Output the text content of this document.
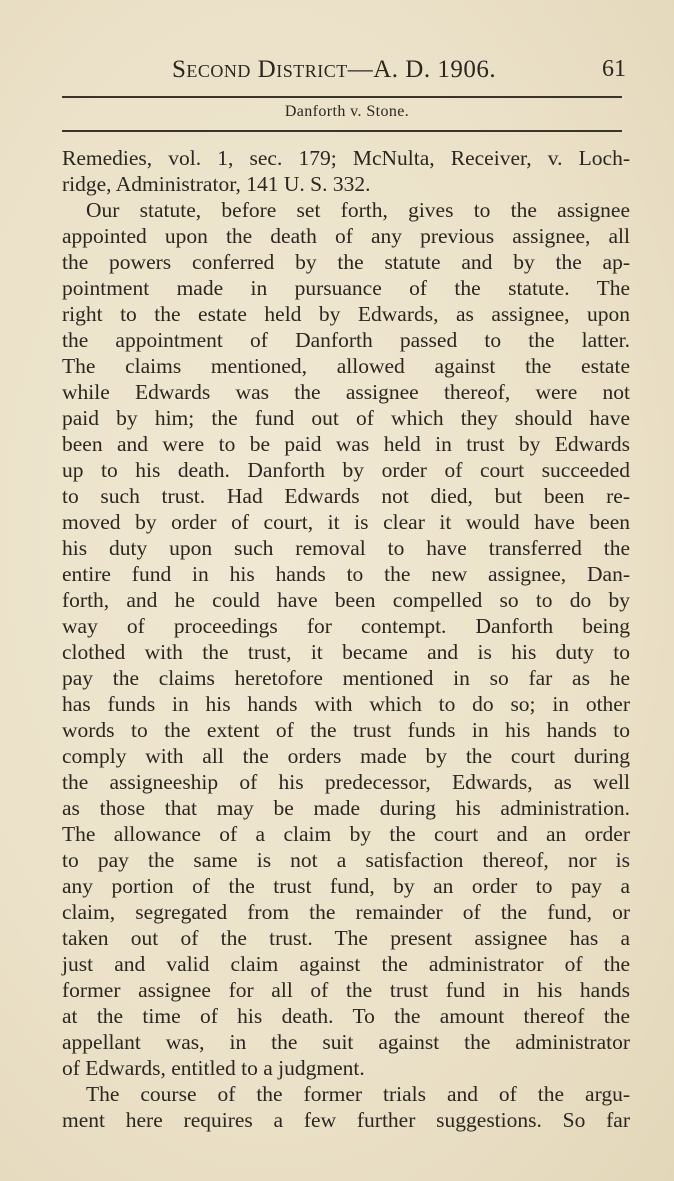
Second District—A. D. 1906.	61
Danforth v. Stone.
Remedies, vol. 1, sec. 179; McNulta, Receiver, v. Loch-
ridge, Administrator, 141 U. S. 332.
Our statute, before set forth, gives to the assignee
appointed upon the death of any previous assignee, all
the powers conferred by the statute and by the ap-
pointment made in pursuance of the statute. The
right to the estate held by Edwards, as assignee, upon
the appointment of Danforth passed to the latter.
The claims mentioned, allowed against the estate
while Edwards was the assignee thereof, were not
paid by him; the fund out of which they should have
been and were to be paid was held in trust by Edwards
up to his death. Danforth by order of court succeeded
to such trust. Had Edwards not died, but been re-
moved by order of court, it is clear it would have been
his duty upon such removal to have transferred the
entire fund in his hands to the new assignee, Dan-
forth, and he could have been compelled so to do by
way of proceedings for contempt. Danforth being
clothed with the trust, it became and is his duty to
pay the claims heretofore mentioned in so far as he
has funds in his hands with which to do so; in other
words to the extent of the trust funds in his hands to
comply with all the orders made by the court during
the assigneeship of his predecessor, Edwards, as well
as those that may be made during his administration.
The allowance of a claim by the court and an order
to pay the same is not a satisfaction thereof, nor is
any portion of the trust fund, by an order to pay a
claim, segregated from the remainder of the fund, or
taken out of the trust. The present assignee has a
just and valid claim against the administrator of the
former assignee for all of the trust fund in his hands
at the time of his death. To the amount thereof the
appellant was, in the suit against the administrator
of Edwards, entitled to a judgment.
The course of the former trials and of the argu-
ment here requires a few further suggestions. So far
